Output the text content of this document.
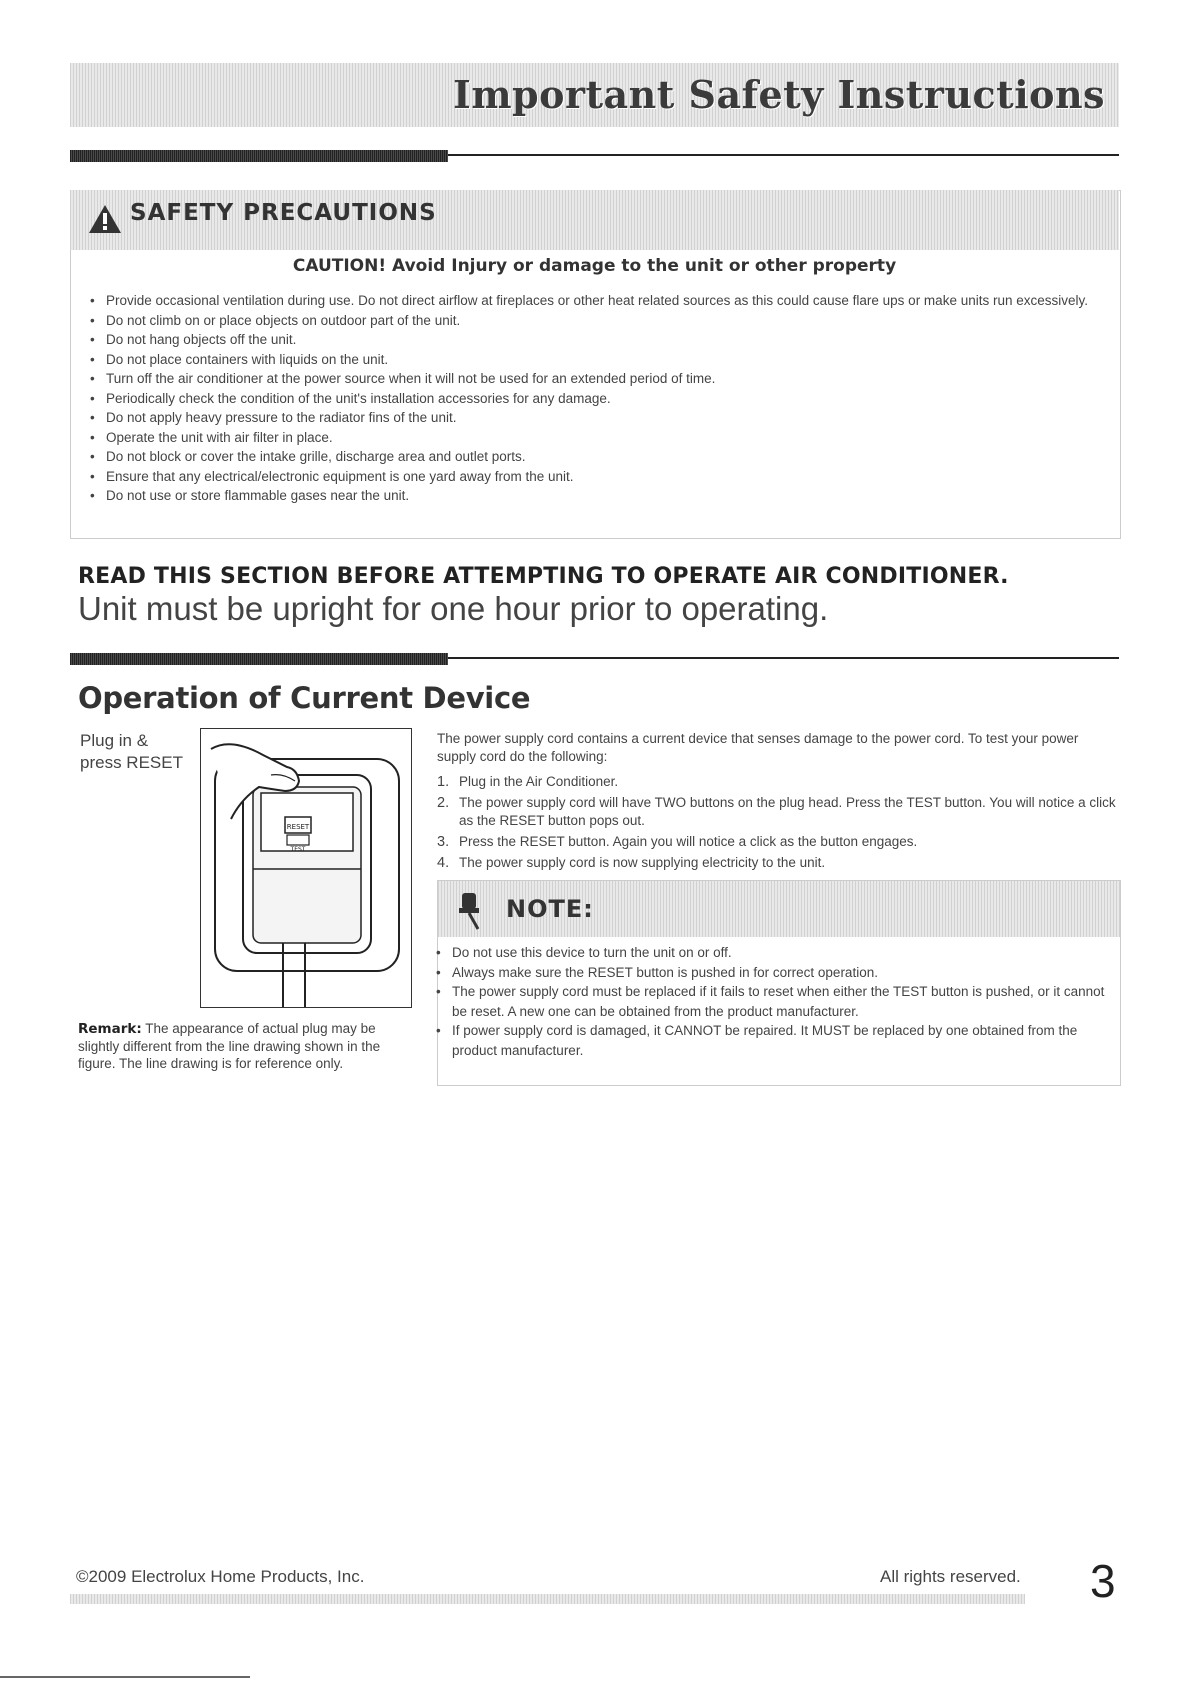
Important Safety Instructions
SAFETY PRECAUTIONS
CAUTION! Avoid Injury or damage to the unit or other property
• Provide occasional ventilation during use. Do not direct airflow at fireplaces or other heat related sources as this could cause flare ups or make units run excessively.
• Do not climb on or place objects on outdoor part of the unit.
• Do not hang objects off the unit.
• Do not place containers with liquids on the unit.
• Turn off the air conditioner at the power source when it will not be used for an extended period of time.
• Periodically check the condition of the unit's installation accessories for any damage.
• Do not apply heavy pressure to the radiator fins of the unit.
• Operate the unit with air filter in place.
• Do not block or cover the intake grille, discharge area and outlet ports.
• Ensure that any electrical/electronic equipment is one yard away from the unit.
• Do not use or store flammable gases near the unit.
READ THIS SECTION BEFORE ATTEMPTING TO OPERATE AIR CONDITIONER.
Unit must be upright for one hour prior to operating.
Operation of Current Device
Plug in &
press RESET
RESET
TEST
Remark: The appearance of actual plug may be slightly different from the line drawing shown in the figure. The line drawing is for reference only.
The power supply cord contains a current device that senses damage to the power cord. To test your power supply cord do the following:
1. Plug in the Air Conditioner.
2. The power supply cord will have TWO buttons on the plug head. Press the TEST button. You will notice a click as the RESET button pops out.
3. Press the RESET button. Again you will notice a click as the button engages.
4. The power supply cord is now supplying electricity to the unit.
NOTE:
• Do not use this device to turn the unit on or off.
• Always make sure the RESET button is pushed in for correct operation.
• The power supply cord must be replaced if it fails to reset when either the TEST button is pushed, or it cannot be reset. A new one can be obtained from the product manufacturer.
• If power supply cord is damaged, it CANNOT be repaired. It MUST be replaced by one obtained from the product manufacturer.
©2009 Electrolux Home Products, Inc.	All rights reserved. 3
